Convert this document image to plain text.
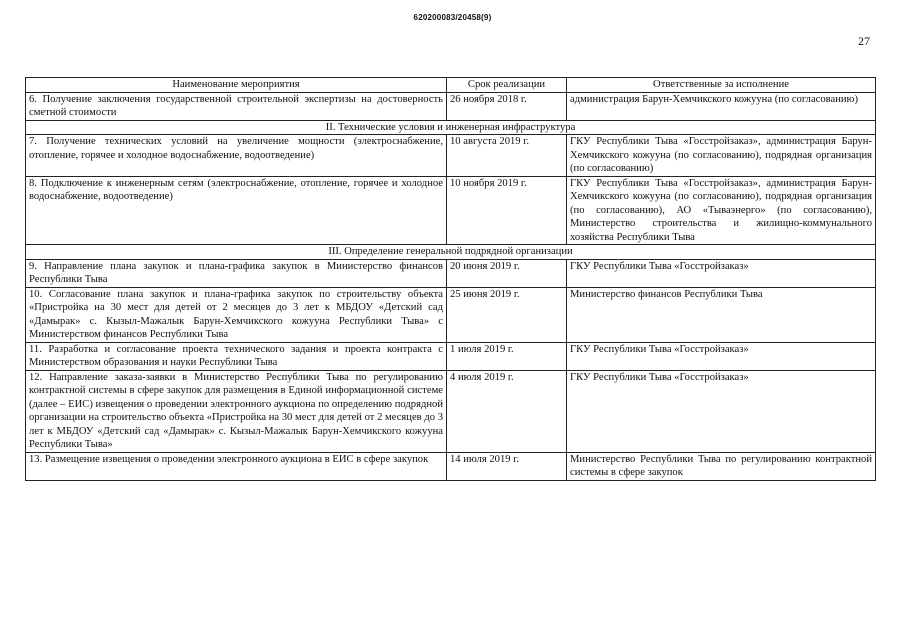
620200083/20458(9)
27
Наименование мероприятия	Срок реализации	Ответственные за исполнение
6. Получение заключения государственной строительной экспертизы на достоверность сметной стоимости	26 ноября 2018 г.	администрация Барун-Хемчикского кожууна (по согласованию)
II. Технические условия и инженерная инфраструктура		
7. Получение технических условий на увеличение мощности (электроснабжение, отопление, горячее и холодное водоснабжение, водоотведение)	10 августа 2019 г.	ГКУ Республики Тыва «Госстройзаказ», администрация Барун-Хемчикского кожууна (по согласованию), подрядная организация (по согласованию)
8. Подключение к инженерным сетям (электроснабжение, отопление, горячее и холодное водоснабжение, водоотведение)	10 ноября 2019 г.	ГКУ Республики Тыва «Госстройзаказ», администрация Барун-Хемчикского кожууна (по согласованию), подрядная организация (по согласованию), АО «Тываэнерго» (по согласованию), Министерство строительства и жилищно-коммунального хозяйства Республики Тыва
III. Определение генеральной подрядной организации		
9. Направление плана закупок и плана-графика закупок в Министерство финансов Республики Тыва	20 июня 2019 г.	ГКУ Республики Тыва «Госстройзаказ»
10. Согласование плана закупок и плана-графика закупок по строительству объекта «Пристройка на 30 мест для детей от 2 месяцев до 3 лет к МБДОУ «Детский сад «Дамырак» с. Кызыл-Мажалык Барун-Хемчикского кожууна Республики Тыва» с Министерством финансов Республики Тыва	25 июня 2019 г.	Министерство финансов Республики Тыва
11. Разработка и согласование проекта технического задания и проекта контракта с Министерством образования и науки Республики Тыва	1 июля 2019 г.	ГКУ Республики Тыва «Госстройзаказ»
12. Направление заказа-заявки в Министерство Республики Тыва по регулированию контрактной системы в сфере закупок для размещения в Единой информационной системе (далее – ЕИС) извещения о проведении электронного аукциона по определению подрядной организации на строительство объекта «Пристройка на 30 мест для детей от 2 месяцев до 3 лет к МБДОУ «Детский сад «Дамырак» с. Кызыл-Мажалык Барун-Хемчикского кожууна Республики Тыва»	4 июля 2019 г.	ГКУ Республики Тыва «Госстройзаказ»
13. Размещение извещения о проведении электронного аукциона в ЕИС в сфере закупок	14 июля 2019 г.	Министерство Республики Тыва по регулированию контрактной системы в сфере закупок
